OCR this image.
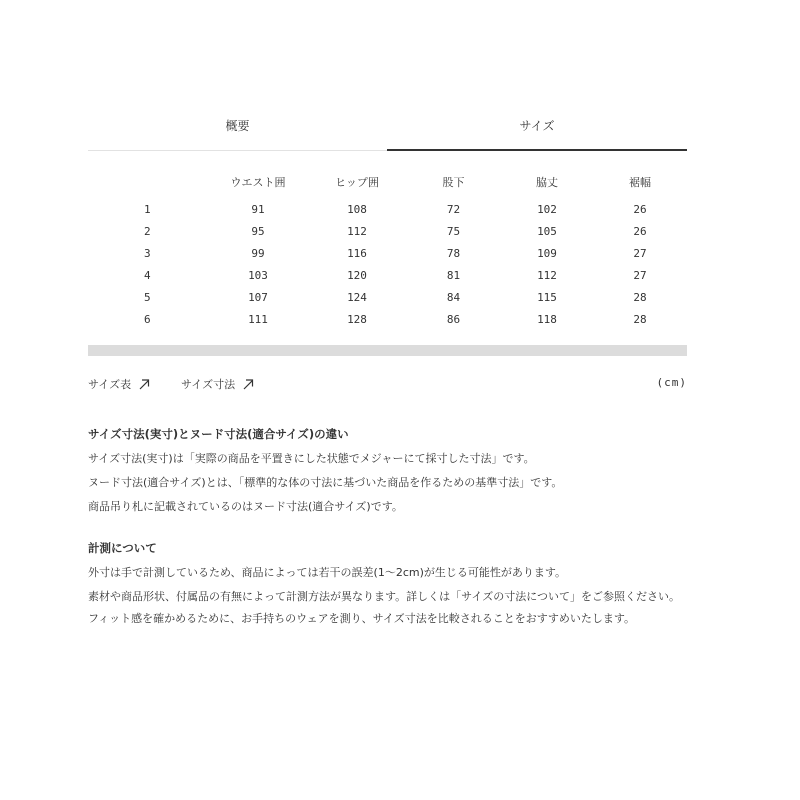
概要	サイズ
	ウエスト囲	ヒップ囲	股下	脇丈	裾幅
1	91	108	72	102	26
2	95	112	75	105	26
3	99	116	78	109	27
4	103	120	81	112	27
5	107	124	84	115	28
6	111	128	86	118	28
サイズ表	サイズ寸法	(cm)
サイズ寸法(実寸)とヌード寸法(適合サイズ)の違い

サイズ寸法(実寸)は「実際の商品を平置きにした状態でメジャーにて採寸した寸法」です。

ヌード寸法(適合サイズ)とは、「標準的な体の寸法に基づいた商品を作るための基準寸法」です。

商品吊り札に記載されているのはヌード寸法(適合サイズ)です。

計測について

外寸は手で計測しているため、商品によっては若干の誤差(1〜2cm)が生じる可能性があります。

素材や商品形状、付属品の有無によって計測方法が異なります。詳しくは「サイズの寸法について」をご参照ください。

フィット感を確かめるために、お手持ちのウェアを測り、サイズ寸法を比較されることをおすすめいたします。
